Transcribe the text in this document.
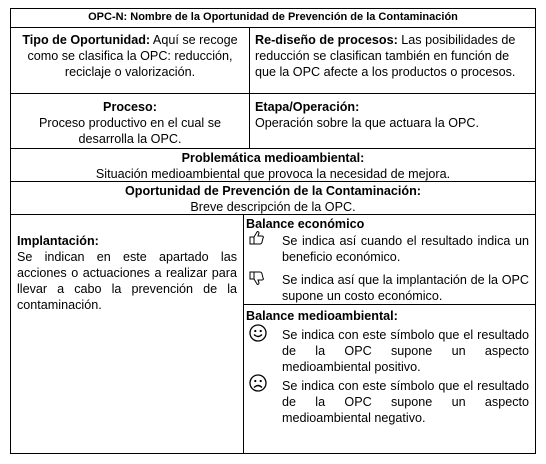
OPC-N: Nombre de la Oportunidad de Prevención de la Contaminación
Tipo de Oportunidad: Aquí se recoge como se clasifica la OPC: reducción, reciclaje o valorización.
Re-diseño de procesos: Las posibilidades de reducción se clasifican también en función de que la OPC afecte a los productos o procesos.
Proceso:
Proceso productivo en el cual se desarrolla la OPC.
Etapa/Operación:
Operación sobre la que actuara la OPC.
Problemática medioambiental:
Situación medioambiental que provoca la necesidad de mejora.
Oportunidad de Prevención de la Contaminación:
Breve descripción de la OPC.
Implantación:
Se indican en este apartado las acciones o actuaciones a realizar para llevar a cabo la prevención de la contaminación.
Balance económico
Se indica así cuando el resultado indica un beneficio económico.
Se indica así que la implantación de la OPC supone un costo económico.
Balance medioambiental:
Se indica con este símbolo que el resultado de la OPC supone un aspecto medioambiental positivo.
Se indica con este símbolo que el resultado de la OPC supone un aspecto medioambiental negativo.
